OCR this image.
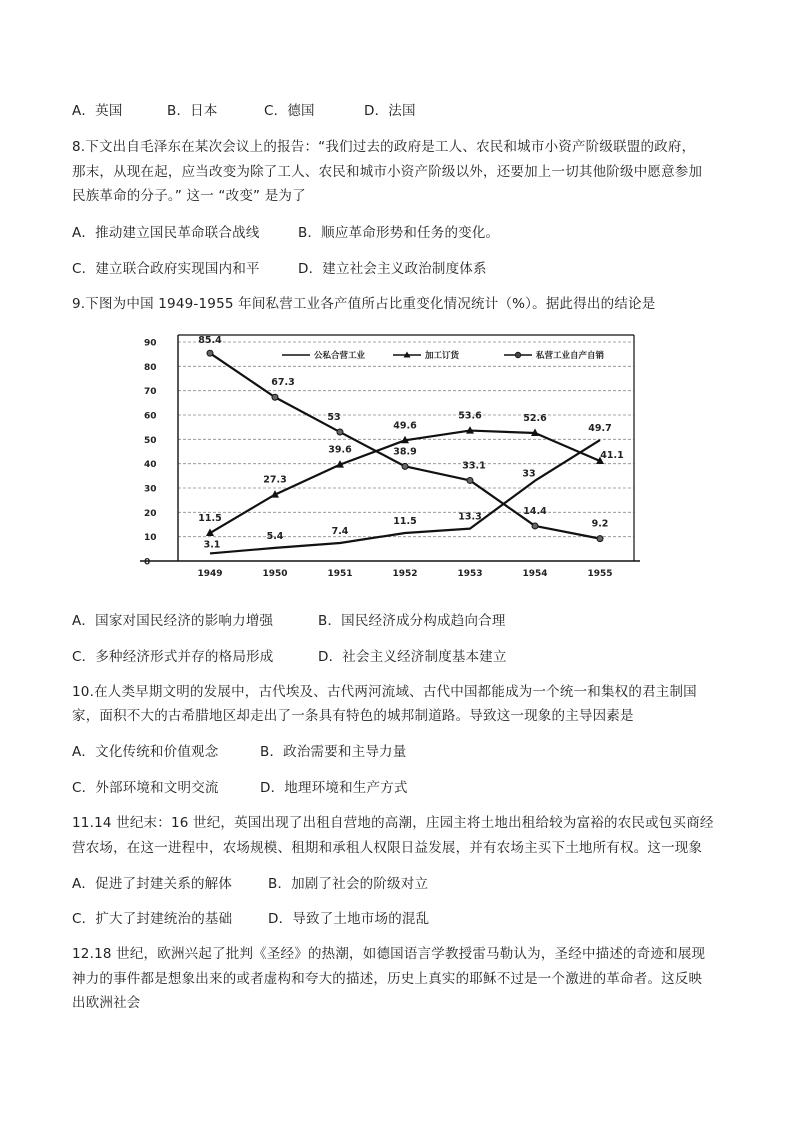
A．英国	B．日本	C．德国	D．法国
8.下文出自毛泽东在某次会议上的报告：“我们过去的政府是工人、农民和城市小资产阶级联盟的政府，
那末，从现在起，应当改变为除了工人、农民和城市小资产阶级以外，还要加上一切其他阶级中愿意参加
民族革命的分子。” 这一 “改变” 是为了
A．推动建立国民革命联合战线	B．顺应革命形势和任务的变化。
C．建立联合政府实现国内和平	D．建立社会主义政治制度体系
9.下图为中国 1949-1955 年间私营工业各产值所占比重变化情况统计（%）。据此得出的结论是
公私合营工业	加工订货	私营工业自产自销
3.1
5.4	7.4
11.5	13.3
33
49.7
11.5
27.3
39.6
49.6
53.6	52.6
41.1
85.4
67.3
53
38.9
33.1
14.4
9.2
0
10
20
30
40
50
60
70
80
90
1949	1950	1951	1952	1953	1954	1955
A．国家对国民经济的影响力增强	B．国民经济成分构成趋向合理
C．多种经济形式并存的格局形成	D．社会主义经济制度基本建立
10.在人类早期文明的发展中，古代埃及、古代两河流域、古代中国都能成为一个统一和集权的君主制国
家，面积不大的古希腊地区却走出了一条具有特色的城邦制道路。导致这一现象的主导因素是
A．文化传统和价值观念	B．政治需要和主导力量
C．外部环境和文明交流	D．地理环境和生产方式
11.14 世纪末：16 世纪，英国出现了出租自营地的高潮，庄园主将土地出租给较为富裕的农民或包买商经
营农场，在这一进程中，农场规模、租期和承租人权限日益发展，并有农场主买下土地所有权。这一现象
A．促进了封建关系的解体	B．加剧了社会的阶级对立
C．扩大了封建统治的基础	D．导致了土地市场的混乱
12.18 世纪，欧洲兴起了批判《圣经》的热潮，如德国语言学教授雷马勒认为，圣经中描述的奇迹和展现
神力的事件都是想象出来的或者虚构和夸大的描述，历史上真实的耶稣不过是一个激进的革命者。这反映
出欧洲社会
